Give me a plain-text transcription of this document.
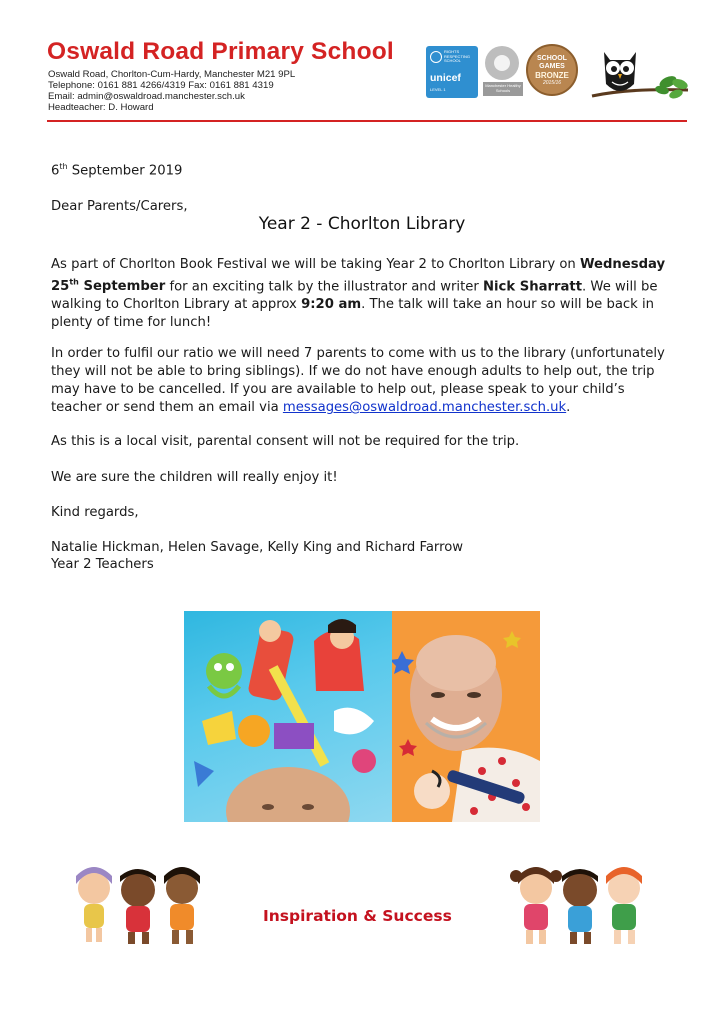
Oswald Road Primary School
Oswald Road, Chorlton-Cum-Hardy, Manchester M21 9PL
Telephone: 0161 881 4266/4319 Fax: 0161 881 4319
Email: admin@oswaldroad.manchester.sch.uk
Headteacher: D. Howard
RIGHTS RESPECTING SCHOOL
unicef
LEVEL 1
Manchester Healthy Schools
SCHOOL GAMES
BRONZE
2015/16
6th September 2019
Dear Parents/Carers,
Year 2 - Chorlton Library
As part of Chorlton Book Festival we will be taking Year 2 to Chorlton Library on Wednesday 25th September for an exciting talk by the illustrator and writer Nick Sharratt. We will be walking to Chorlton Library at approx 9:20 am. The talk will take an hour so will be back in plenty of time for lunch!
In order to fulfil our ratio we will need 7 parents to come with us to the library (unfortunately they will not be able to bring siblings). If we do not have enough adults to help out, the trip may have to be cancelled. If you are available to help out, please speak to your child’s teacher or send them an email via messages@oswaldroad.manchester.sch.uk.
As this is a local visit, parental consent will not be required for the trip.
We are sure the children will really enjoy it!
Kind regards,
Natalie Hickman, Helen Savage, Kelly King and Richard Farrow
Year 2 Teachers
Inspiration & Success
